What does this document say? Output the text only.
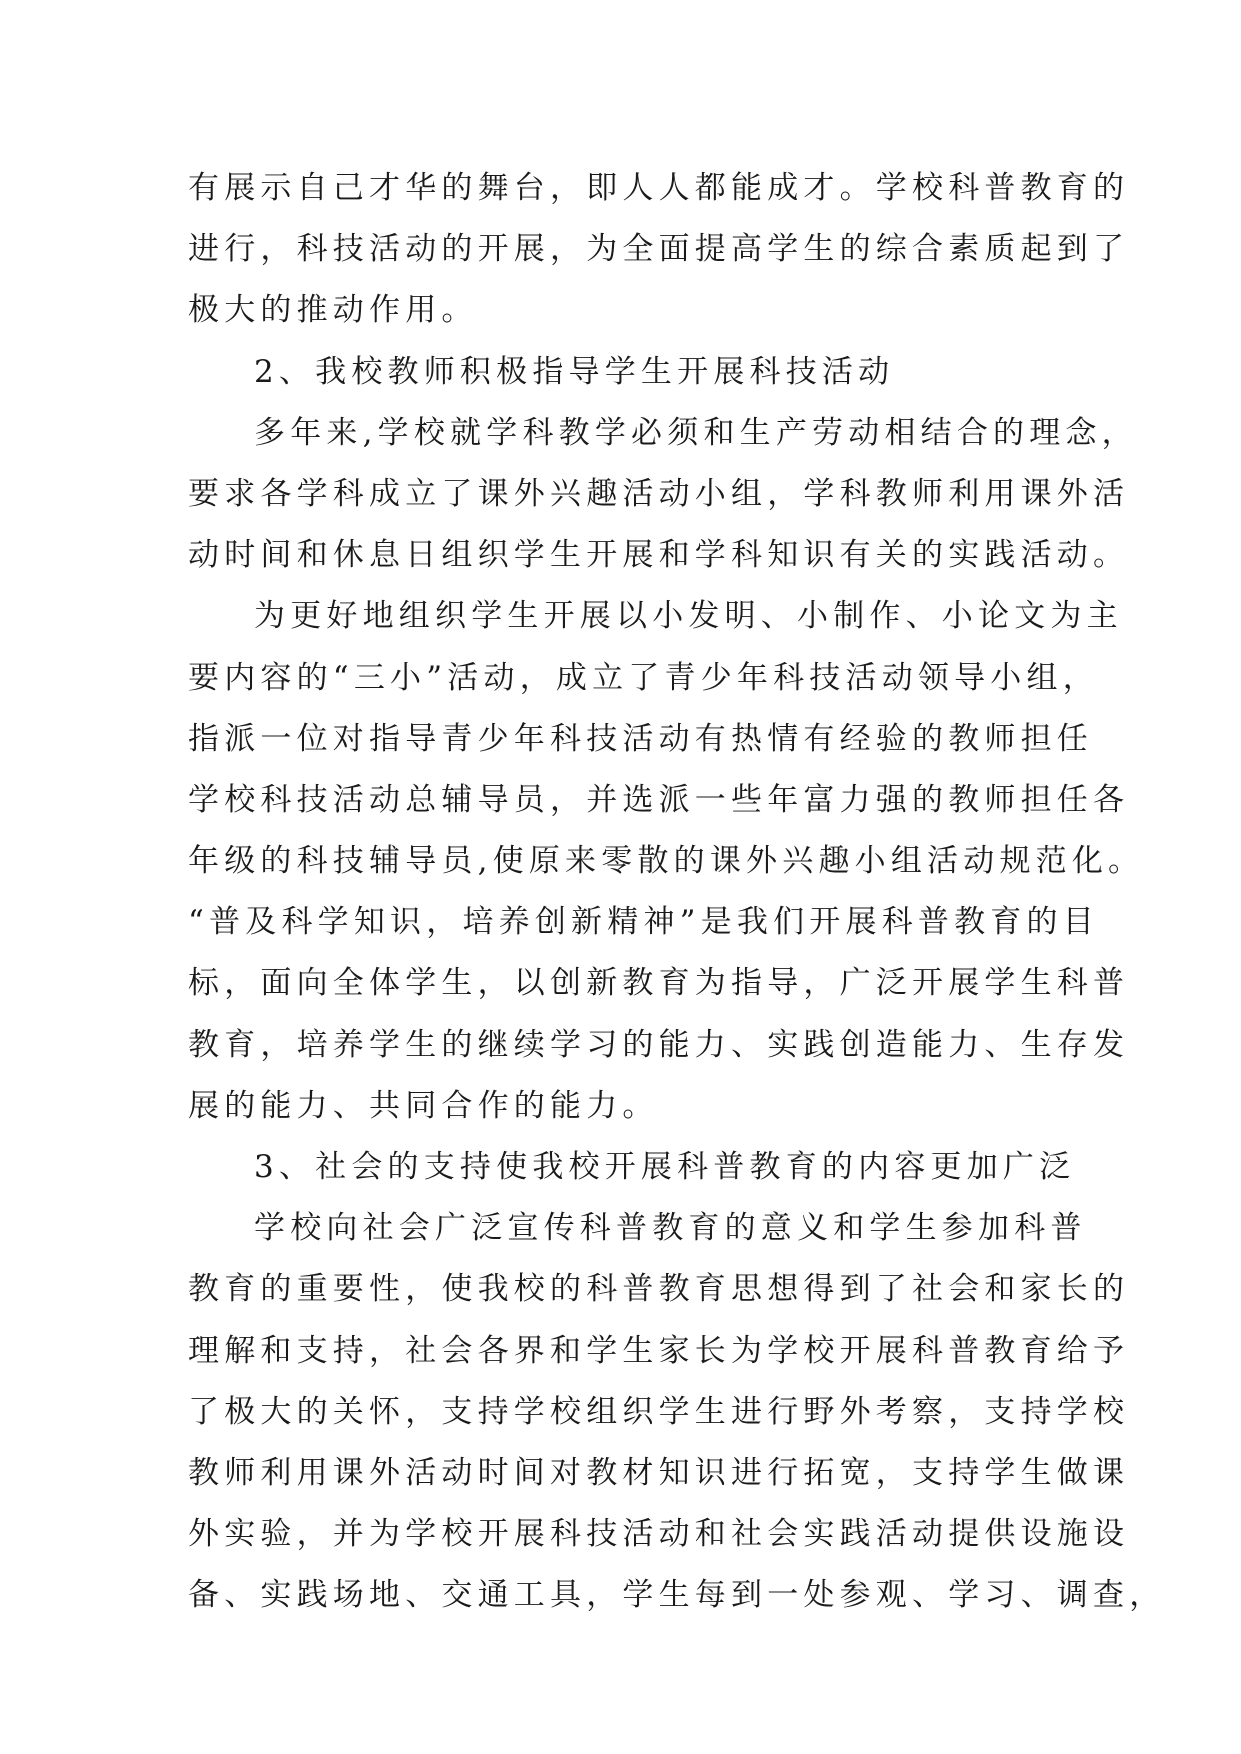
有展示自己才华的舞台，即人人都能成才。学校科普教育的
进行，科技活动的开展，为全面提高学生的综合素质起到了
极大的推动作用。
2、我校教师积极指导学生开展科技活动
多年来,学校就学科教学必须和生产劳动相结合的理念，
要求各学科成立了课外兴趣活动小组，学科教师利用课外活
动时间和休息日组织学生开展和学科知识有关的实践活动。
为更好地组织学生开展以小发明、小制作、小论文为主
要内容的“三小”活动，成立了青少年科技活动领导小组，
指派一位对指导青少年科技活动有热情有经验的教师担任
学校科技活动总辅导员，并选派一些年富力强的教师担任各
年级的科技辅导员,使原来零散的课外兴趣小组活动规范化。
“普及科学知识，培养创新精神”是我们开展科普教育的目
标，面向全体学生，以创新教育为指导，广泛开展学生科普
教育，培养学生的继续学习的能力、实践创造能力、生存发
展的能力、共同合作的能力。
3、社会的支持使我校开展科普教育的内容更加广泛
学校向社会广泛宣传科普教育的意义和学生参加科普
教育的重要性，使我校的科普教育思想得到了社会和家长的
理解和支持，社会各界和学生家长为学校开展科普教育给予
了极大的关怀，支持学校组织学生进行野外考察，支持学校
教师利用课外活动时间对教材知识进行拓宽，支持学生做课
外实验，并为学校开展科技活动和社会实践活动提供设施设
备、实践场地、交通工具，学生每到一处参观、学习、调查，
